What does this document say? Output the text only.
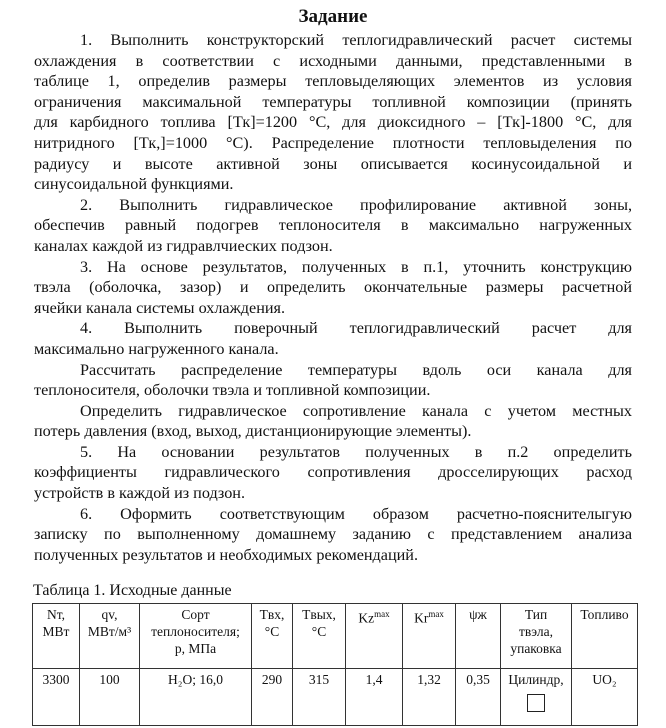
Задание
1. Выполнить конструкторский теплогидравлический расчет системы
охлаждения в соответствии с исходными данными, представленными в
таблице 1, определив размеры тепловыделяющих элементов из условия
ограничения максимальной температуры топливной композиции (принять
для карбидного топлива [Тк]=1200 °С, для диоксидного – [Тк]-1800 °С, для
нитридного [Тк,]=1000 °С). Распределение плотности тепловыделения по
радиусу и высоте активной зоны описывается косинусоидальной и
синусоидальной функциями.
2. Выполнить гидравлическое профилирование активной зоны,
обеспечив равный подогрев теплоносителя в максимально нагруженных
каналах каждой из гидравлчиеских подзон.
3. На основе результатов, полученных в п.1, уточнить конструкцию
твэла (оболочка, зазор) и определить окончательные размеры расчетной
ячейки канала системы охлаждения.
4. Выполнить поверочный теплогидравлический расчет для
максимально нагруженного канала.
Рассчитать распределение температуры вдоль оси канала для
теплоносителя, оболочки твэла и топливной композиции.
Определить гидравлическое сопротивление канала с учетом местных
потерь давления (вход, выход, дистанционирующие элементы).
5. На основании результатов полученных в п.2 определить
коэффициенты гидравлического сопротивления дросселирующих расход
устройств в каждой из подзон.
6. Оформить соответствующим образом расчетно-пояснителыгую
записку по выполненному домашнему заданию с представлением анализа
полученных результатов и необходимых рекомендаций.
Таблица 1. Исходные данные
Nт,
МВт	qv,
МВт/м³	Сорт
теплоносителя;
p, МПа	Tвх,
°С	Tвых,
°С	$Kz^{max}$	$Kr^{max}$	ψж	Тип
твэла,
упаковка	Топливо
3300	100	H₂O; 16,0	290	315	1,4	1,32	0,35	Цилиндр,	UO₂
